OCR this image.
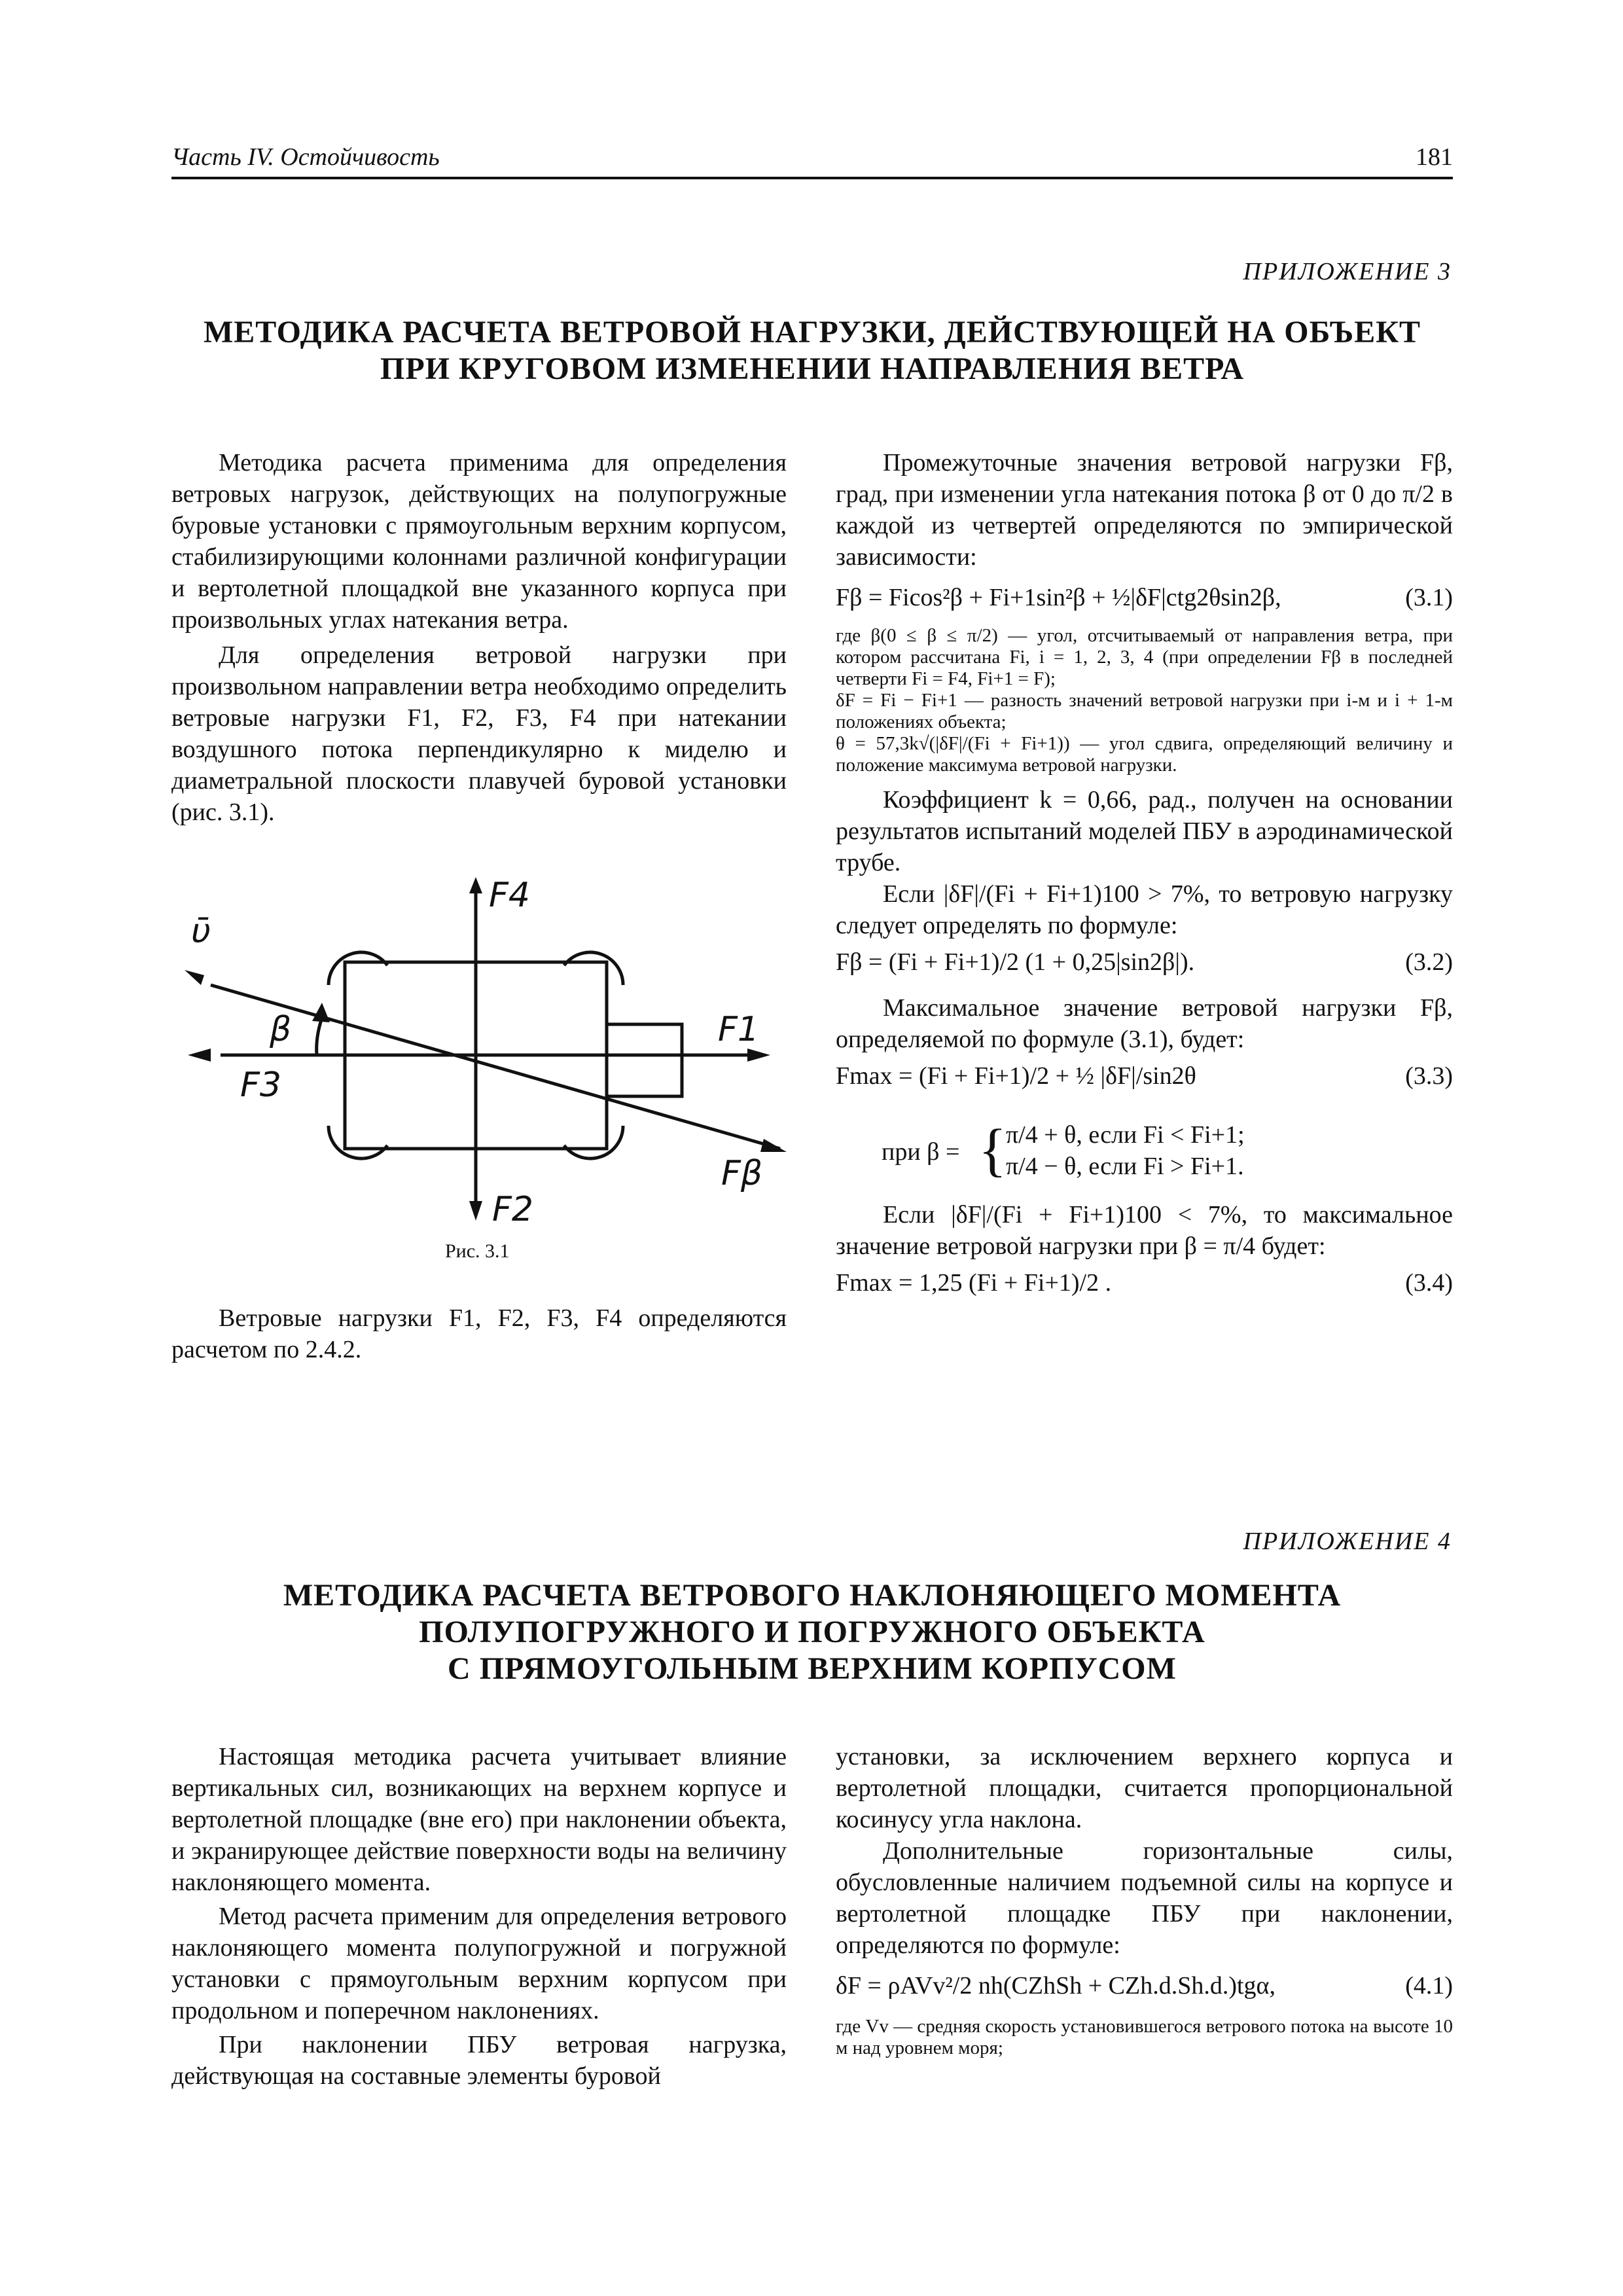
Часть IV. Остойчивость	181
ПРИЛОЖЕНИЕ 3
МЕТОДИКА РАСЧЕТА ВЕТРОВОЙ НАГРУЗКИ, ДЕЙСТВУЮЩЕЙ НА ОБЪЕКТ
ПРИ КРУГОВОМ ИЗМЕНЕНИИ НАПРАВЛЕНИЯ ВЕТРА

Методика расчета применима для определения ветровых нагрузок, действующих на полупогружные буровые установки с прямоугольным верхним корпусом, стабилизирующими колоннами различной конфигурации и вертолетной площадкой вне указанного корпуса при произвольных углах натекания ветра.

Для определения ветровой нагрузки при произвольном направлении ветра необходимо определить ветровые нагрузки F1, F2, F3, F4 при натекании воздушного потока перпендикулярно к миделю и диаметральной плоскости плавучей буровой установки (рис. 3.1).

ῡ
F4
F1
F3
F2
Fβ
β
Рис. 3.1

Ветровые нагрузки F1, F2, F3, F4 определяются расчетом по 2.4.2.

Промежуточные значения ветровой нагрузки Fβ, град, при изменении угла натекания потока β от 0 до π/2 в каждой из четвертей определяются по эмпирической зависимости:

Fβ = Ficos²β + Fi+1sin²β + ½|δF|ctg2θsin2β,	(3.1)
где β(0 ≤ β ≤ π/2) — угол, отсчитываемый от направления ветра, при котором рассчитана Fi, i = 1, 2, 3, 4 (при определении Fβ в последней четверти Fi = F4, Fi+1 = F);
δF = Fi − Fi+1 — разность значений ветровой нагрузки при i-м и i + 1-м положениях объекта;
θ = 57,3k√(|δF|/(Fi + Fi+1)) — угол сдвига, определяющий величину и положение максимума ветровой нагрузки.

Коэффициент k = 0,66, рад., получен на основании результатов испытаний моделей ПБУ в аэродинамической трубе.

Если |δF|/(Fi + Fi+1)100 > 7%, то ветровую нагрузку следует определять по формуле:

Fβ = (Fi + Fi+1)/2 (1 + 0,25|sin2β|).	(3.2)

Максимальное значение ветровой нагрузки Fβ, определяемой по формуле (3.1), будет:

Fmax = (Fi + Fi+1)/2 + ½ |δF|/sin2θ	(3.3)
при β = {
π/4 + θ, если Fi < Fi+1;
π/4 − θ, если Fi > Fi+1.

Если |δF|/(Fi + Fi+1)100 < 7%, то максимальное значение ветровой нагрузки при β = π/4 будет:

Fmax = 1,25 (Fi + Fi+1)/2 .	(3.4)
ПРИЛОЖЕНИЕ 4
МЕТОДИКА РАСЧЕТА ВЕТРОВОГО НАКЛОНЯЮЩЕГО МОМЕНТА
ПОЛУПОГРУЖНОГО И ПОГРУЖНОГО ОБЪЕКТА
С ПРЯМОУГОЛЬНЫМ ВЕРХНИМ КОРПУСОМ

Настоящая методика расчета учитывает влияние вертикальных сил, возникающих на верхнем корпусе и вертолетной площадке (вне его) при наклонении объекта, и экранирующее действие поверхности воды на величину наклоняющего момента.

Метод расчета применим для определения ветрового наклоняющего момента полупогружной и погружной установки с прямоугольным верхним корпусом при продольном и поперечном наклонениях.

При наклонении ПБУ ветровая нагрузка, действующая на составные элементы буровой

установки, за исключением верхнего корпуса и вертолетной площадки, считается пропорциональной косинусу угла наклона.

Дополнительные горизонтальные силы, обусловленные наличием подъемной силы на корпусе и вертолетной площадке ПБУ при наклонении, определяются по формуле:

δF = ρAVv²/2 nh(CZhSh + CZh.d.Sh.d.)tgα,	(4.1)
где Vv — средняя скорость установившегося ветрового потока на высоте 10 м над уровнем моря;
